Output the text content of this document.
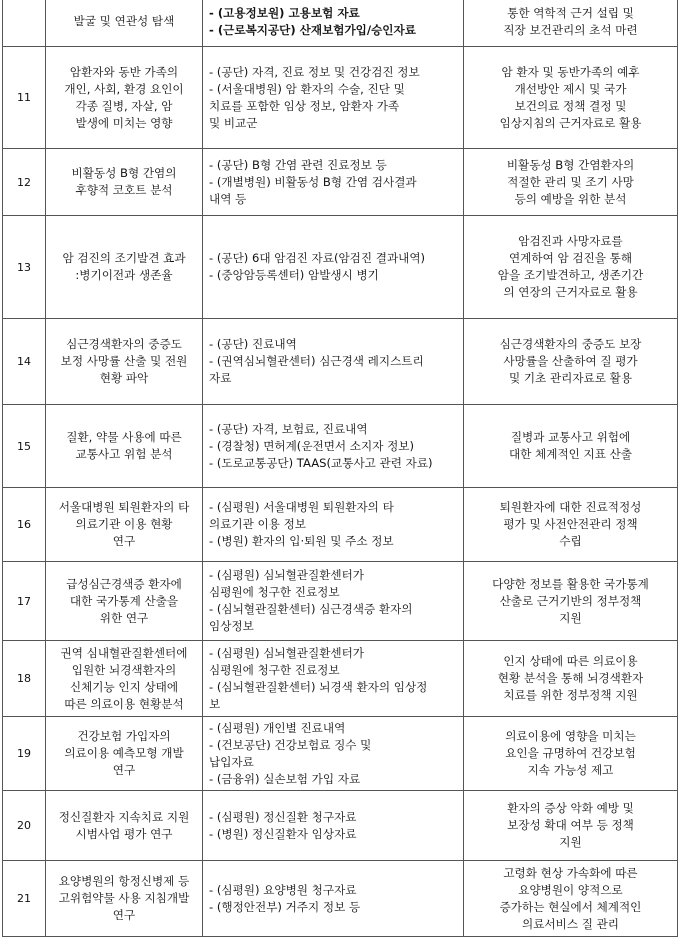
	발굴 및 연관성 탐색	- (고용정보원) 고용보험 자료
- (근로복지공단) 산재보험가입/승인자료	통한 역학적 근거 설립 및
직장 보건관리의 초석 마련

11	암환자와 동반 가족의
개인, 사회, 환경 요인이
각종 질병, 자살, 암
발생에 미치는 영향	- (공단) 자격, 진료 정보 및 건강검진 정보
- (서울대병원) 암 환자의 수술, 진단 및
치료를 포함한 임상 정보, 암환자 가족
및 비교군	암 환자 및 동반가족의 예후
개선방안 제시 및 국가
보건의료 정책 결정 및
임상지침의 근거자료로 활용

12	비활동성 B형 간염의
후향적 코호트 분석	- (공단) B형 간염 관련 진료정보 등
- (개별병원) 비활동성 B형 간염 검사결과
내역 등	비활동성 B형 간염환자의
적절한 관리 및 조기 사망
등의 예방을 위한 분석

13	암 검진의 조기발견 효과
:병기이전과 생존율	- (공단) 6대 암검진 자료(암검진 결과내역)
- (중앙암등록센터) 암발생시 병기	암검진과 사망자료를
연계하여 암 검진을 통해
암을 조기발견하고, 생존기간
의 연장의 근거자료로 활용

14	심근경색환자의 중증도
보정 사망률 산출 및 전원
현황 파악	- (공단) 진료내역
- (권역심뇌혈관센터) 심근경색 레지스트리
자료	심근경색환자의 중증도 보장
사망률을 산출하여 질 평가
및 기초 관리자료로 활용

15	질환, 약물 사용에 따른
교통사고 위험 분석	- (공단) 자격, 보험료, 진료내역
- (경찰청) 면허계(운전면서 소지자 정보)
- (도로교통공단) TAAS(교통사고 관련 자료)	질병과 교통사고 위험에
대한 체계적인 지표 산출

16	서울대병원 퇴원환자의 타
의료기관 이용 현황
연구	- (심평원) 서울대병원 퇴원환자의 타
의료기관 이용 정보
- (병원) 환자의 입·퇴원 및 주소 정보	퇴원환자에 대한 진료적정성
평가 및 사전안전관리 정책
수립

17	급성심근경색증 환자에
대한 국가통계 산출을
위한 연구	- (심평원) 심뇌혈관질환센터가
심평원에 청구한 진료정보
- (심뇌혈관질환센터) 심근경색증 환자의
임상정보	다양한 정보를 활용한 국가통계
산출로 근거기반의 정부정책
지원

18	권역 심내혈관질환센터에
입원한 뇌경색환자의
신체기능 인지 상태에
따른 의료이용 현황분석	- (심평원) 심뇌혈관질환센터가
심평원에 청구한 진료정보
- (심뇌혈관질환센터) 뇌경색 환자의 임상정
보	인지 상태에 따른 의료이용
현황 분석을 통해 뇌경색환자
치료를 위한 정부정책 지원

19	건강보험 가입자의
의료이용 예측모형 개발
연구	- (심평원) 개인별 진료내역
- (건보공단) 건강보험료 징수 및
납입자료
- (금융위) 실손보험 가입 자료	의료이용에 영향을 미치는
요인을 규명하여 건강보험
지속 가능성 제고

20	정신질환자 지속치료 지원
시범사업 평가 연구	- (심평원) 정신질환 청구자료
- (병원) 정신질환자 임상자료	환자의 증상 악화 예방 및
보장성 확대 여부 등 정책
지원

21	요양병원의 항정신병제 등
고위험약물 사용 지침개발
연구	- (심평원) 요양병원 청구자료
- (행정안전부) 거주지 정보 등	고령화 현상 가속화에 따른
요양병원이 양적으로
증가하는 현실에서 체계적인
의료서비스 질 관리
